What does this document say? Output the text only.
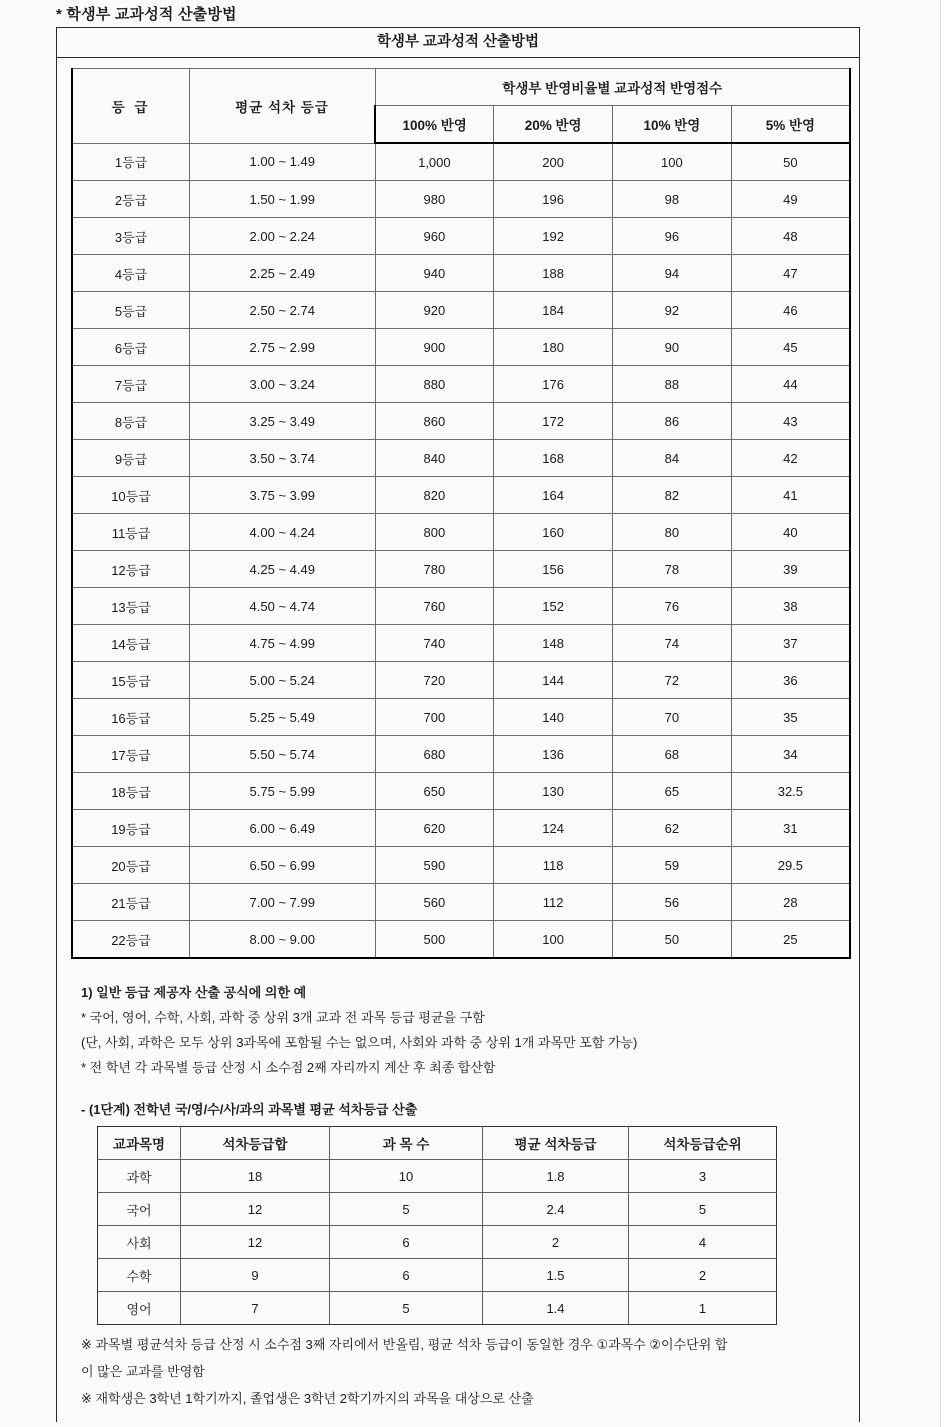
* 학생부 교과성적 산출방법
학생부 교과성적 산출방법
등 급	평균 석차 등급	학생부 반영비율별 교과성적 반영점수			
		100% 반영	20% 반영	10% 반영	5% 반영
1등급	1.00 ~ 1.49	1,000	200	100	50
2등급	1.50 ~ 1.99	980	196	98	49
3등급	2.00 ~ 2.24	960	192	96	48
4등급	2.25 ~ 2.49	940	188	94	47
5등급	2.50 ~ 2.74	920	184	92	46
6등급	2.75 ~ 2.99	900	180	90	45
7등급	3.00 ~ 3.24	880	176	88	44
8등급	3.25 ~ 3.49	860	172	86	43
9등급	3.50 ~ 3.74	840	168	84	42
10등급	3.75 ~ 3.99	820	164	82	41
11등급	4.00 ~ 4.24	800	160	80	40
12등급	4.25 ~ 4.49	780	156	78	39
13등급	4.50 ~ 4.74	760	152	76	38
14등급	4.75 ~ 4.99	740	148	74	37
15등급	5.00 ~ 5.24	720	144	72	36
16등급	5.25 ~ 5.49	700	140	70	35
17등급	5.50 ~ 5.74	680	136	68	34
18등급	5.75 ~ 5.99	650	130	65	32.5
19등급	6.00 ~ 6.49	620	124	62	31
20등급	6.50 ~ 6.99	590	118	59	29.5
21등급	7.00 ~ 7.99	560	112	56	28
22등급	8.00 ~ 9.00	500	100	50	25
1) 일반 등급 제공자 산출 공식에 의한 예
* 국어, 영어, 수학, 사회, 과학 중 상위 3개 교과 전 과목 등급 평균을 구함
(단, 사회, 과학은 모두 상위 3과목에 포함될 수는 없으며, 사회와 과학 중 상위 1개 과목만 포함 가능)
* 전 학년 각 과목별 등급 산정 시 소수점 2째 자리까지 계산 후 최종 합산함
- (1단계) 전학년 국/영/수/사/과의 과목별 평균 석차등급 산출
교과목명	석차등급합	과 목 수	평균 석차등급	석차등급순위
과학	18	10	1.8	3
국어	12	5	2.4	5
사회	12	6	2	4
수학	9	6	1.5	2
영어	7	5	1.4	1
※ 과목별 평균석차 등급 산정 시 소수점 3째 자리에서 반올림, 평균 석차 등급이 동일한 경우 ①과목수 ②이수단위 합
이 많은 교과를 반영함
※ 재학생은 3학년 1학기까지, 졸업생은 3학년 2학기까지의 과목을 대상으로 산출
